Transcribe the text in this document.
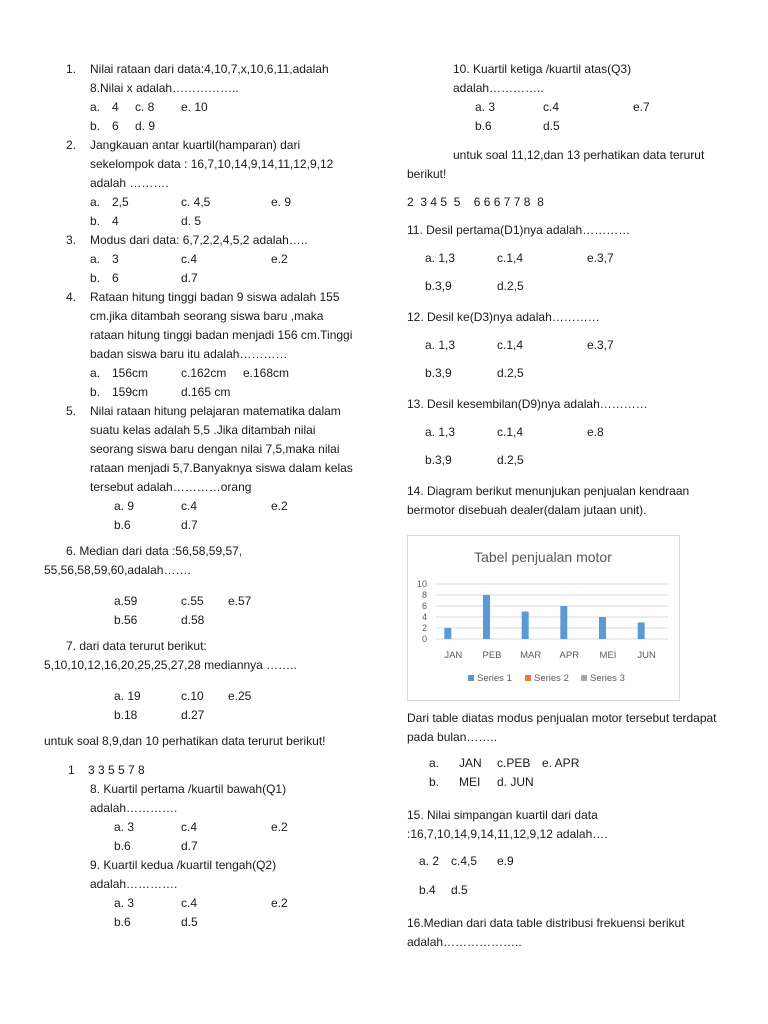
1. Nilai rataan dari data:4,10,7,x,10,6,11,adalah 8.Nilai x adalah……………..
a. 4 c. 8 e. 10
b. 6 d. 9
2. Jangkauan antar kuartil(hamparan) dari sekelompok data : 16,7,10,14,9,14,11,12,9,12 adalah ……….
a. 2,5	c. 4,5	e. 9
b. 4	d. 5
3. Modus dari data: 6,7,2,2,4,5,2 adalah…..
a. 3	c.4	e.2
b. 6	d.7
4. Rataan hitung tinggi badan 9 siswa adalah 155 cm.jika ditambah seorang siswa baru ,maka rataan hitung tinggi badan menjadi 156 cm.Tinggi badan siswa baru itu adalah…………
a. 156cm	c.162cm e.168cm
b. 159cm	d.165 cm
5. Nilai rataan hitung pelajaran matematika dalam suatu kelas adalah 5,5 .Jika ditambah nilai seorang siswa baru dengan nilai 7,5,maka nilai rataan menjadi 5,7.Banyaknya siswa dalam kelas tersebut adalah…………orang
a. 9	c.4	e.2
b.6	d.7

6. Median dari data :56,58,59,57, 55,56,58,59,60,adalah…….

a.59	c.55 e.57
b.56	d.58

7. dari data terurut berikut: 5,10,10,12,16,20,25,25,27,28 mediannya ……..

a. 19	c.10 e.25
b.18	d.27

untuk soal 8,9,dan 10 perhatikan data terurut berikut!

1    3 3 5 5 7 8

8. Kuartil pertama /kuartil bawah(Q1) adalah………….
a. 3	c.4	e.2
b.6	d.7
9. Kuartil kedua /kuartil tengah(Q2) adalah………….
a. 3	c.4	e.2
b.6	d.5
10. Kuartil ketiga /kuartil atas(Q3) adalah…………..
a. 3	c.4	e.7
b.6	d.5

untuk soal 11,12,dan 13 perhatikan data terurut berikut!

2  3 4 5  5    6 6 6 7 7 8  8

11. Desil pertama(D1)nya adalah…………
a. 1,3	c.1,4	e.3,7
b.3,9	d.2,5
12. Desil ke(D3)nya adalah…………
a. 1,3	c.1,4	e.3,7
b.3,9	d.2,5
13. Desil kesembilan(D9)nya adalah…………
a. 1,3	c.1,4	e.8
b.3,9	d.2,5
14. Diagram berikut menunjukan penjualan kendraan bermotor disebuah dealer(dalam jutaan unit).
Tabel penjualan motor
JAN PEB MAR APR MEI JUN
0
2
4
6
8
10
Series 1 Series 2 Series 3
Dari table diatas modus penjualan motor tersebut terdapat pada bulan……..
a. JAN c.PEB e. APR
b. MEI d. JUN
15. Nilai simpangan kuartil dari data :16,7,10,14,9,14,11,12,9,12 adalah….
a. 2 c.4,5 e.9
b.4 d.5
16.Median dari data table distribusi frekuensi berikut adalah………………..
